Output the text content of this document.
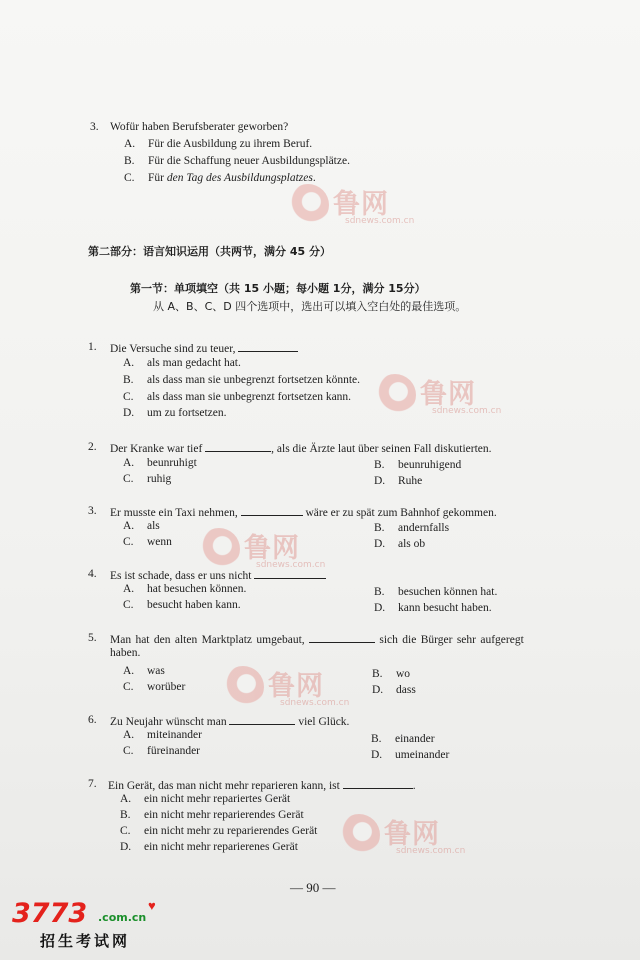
3. Wofür haben Berufsberater geworben?
A. Für die Ausbildung zu ihrem Beruf.
B. Für die Schaffung neuer Ausbildungsplätze.
C. Für den Tag des Ausbildungsplatzes.
第二部分：语言知识运用（共两节，满分 45 分）
第一节：单项填空（共 15 小题；每小题 1分，满分 15分）
从 A、B、C、D 四个选项中，选出可以填入空白处的最佳选项。
1. Die Versuche sind zu teuer,
A. als man gedacht hat.
B. als dass man sie unbegrenzt fortsetzen könnte.
C. als dass man sie unbegrenzt fortsetzen kann.
D. um zu fortsetzen.
2. Der Kranke war tief	, als die Ärzte laut über seinen Fall diskutierten.
A. beunruhigt	B. beunruhigend
C. ruhig	D. Ruhe
3. Er musste ein Taxi nehmen,	wäre er zu spät zum Bahnhof gekommen.
A. als	B. andernfalls
C. wenn	D. als ob
4. Es ist schade, dass er uns nicht
A. hat besuchen können.	B. besuchen können hat.
C. besucht haben kann.	D. kann besucht haben.
5. Man hat den alten Marktplatz umgebaut,	sich die Bürger sehr aufgeregt
haben.
A. was	B. wo
C. worüber	D. dass
6. Zu Neujahr wünscht man	viel Glück.
A. miteinander	B. einander
C. füreinander	D. umeinander
7. Ein Gerät, das man nicht mehr reparieren kann, ist	.
A. ein nicht mehr repariertes Gerät
B. ein nicht mehr reparierendes Gerät
C. ein nicht mehr zu reparierendes Gerät
D. ein nicht mehr reparierenes Gerät
鲁网
sdnews.com.cn
鲁网
sdnews.com.cn
鲁网
sdnews.com.cn
鲁网
sdnews.com.cn
鲁网
sdnews.com.cn
— 90 —
3773 .com.cn
♥
招生考试网
